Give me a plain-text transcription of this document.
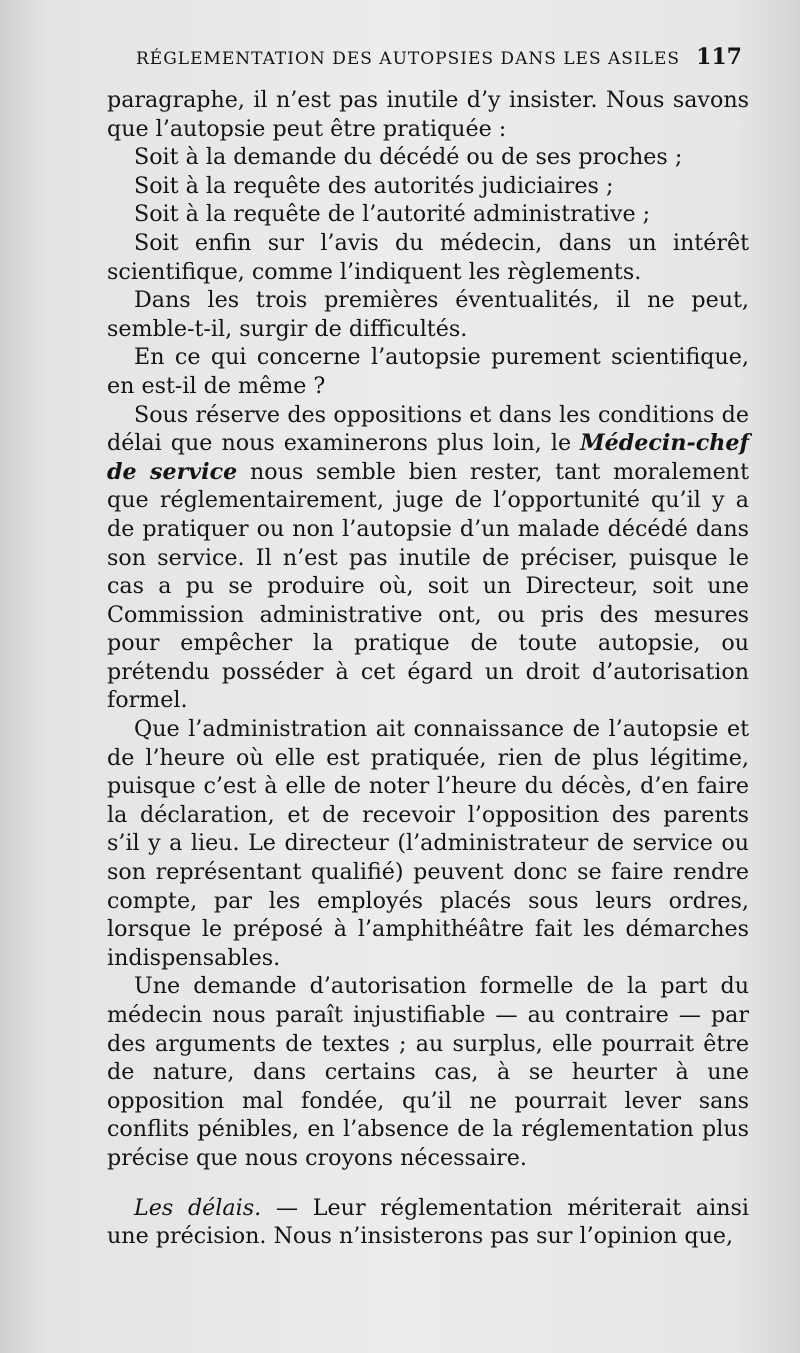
RÉGLEMENTATION DES AUTOPSIES DANS LES ASILES 117

paragraphe, il n’est pas inutile d’y insister. Nous savons que l’autopsie peut être pratiquée :

Soit à la demande du décédé ou de ses proches ;

Soit à la requête des autorités judiciaires ;

Soit à la requête de l’autorité administrative ;

Soit enfin sur l’avis du médecin, dans un intérêt scientifique, comme l’indiquent les règlements.

Dans les trois premières éventualités, il ne peut, semble-t-il, surgir de difficultés.

En ce qui concerne l’autopsie purement scientifique, en est-il de même ?

Sous réserve des oppositions et dans les conditions de délai que nous examinerons plus loin, le Médecin-chef de service nous semble bien rester, tant moralement que réglementairement, juge de l’opportunité qu’il y a de pratiquer ou non l’autopsie d’un malade décédé dans son service. Il n’est pas inutile de préciser, puisque le cas a pu se produire où, soit un Directeur, soit une Commission administrative ont, ou pris des mesures pour empêcher la pratique de toute autopsie, ou prétendu posséder à cet égard un droit d’autorisation formel.

Que l’administration ait connaissance de l’autopsie et de l’heure où elle est pratiquée, rien de plus légitime, puisque c’est à elle de noter l’heure du décès, d’en faire la déclaration, et de recevoir l’opposition des parents s’il y a lieu. Le directeur (l’administrateur de service ou son représentant qualifié) peuvent donc se faire rendre compte, par les employés placés sous leurs ordres, lorsque le préposé à l’amphithéâtre fait les démarches indispensables.

Une demande d’autorisation formelle de la part du médecin nous paraît injustifiable — au contraire — par des arguments de textes ; au surplus, elle pourrait être de nature, dans certains cas, à se heurter à une opposition mal fondée, qu’il ne pourrait lever sans conflits pénibles, en l’absence de la réglementation plus précise que nous croyons nécessaire.

Les délais. — Leur réglementation mériterait ainsi une précision. Nous n’insisterons pas sur l’opinion que,
